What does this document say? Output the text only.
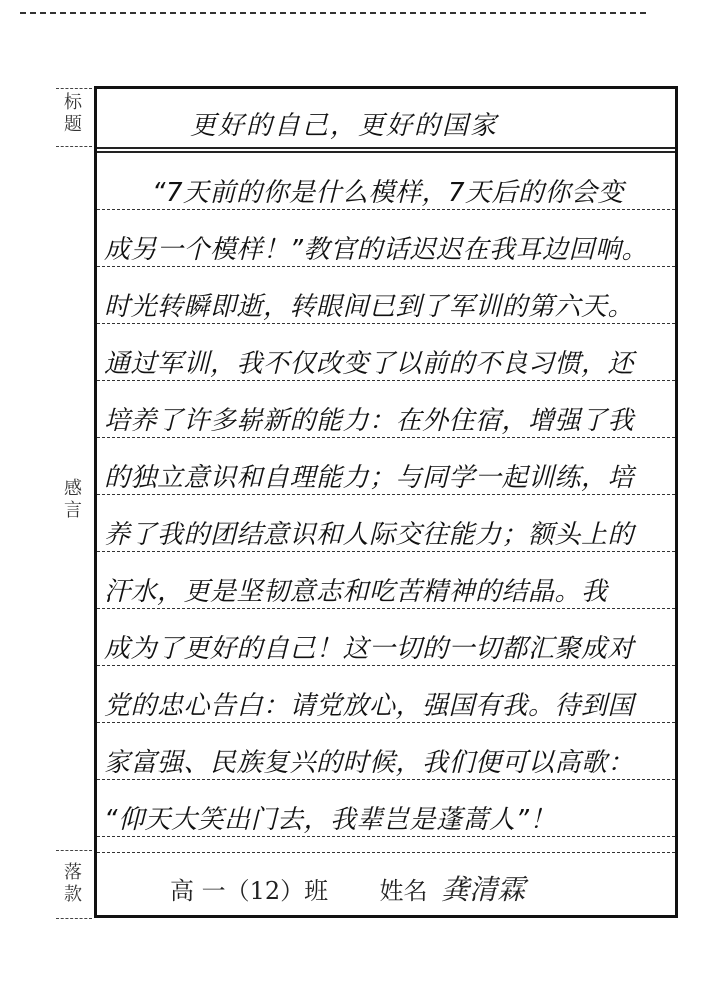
标
题
感
言
落
款
更好的自己，更好的国家
“7天前的你是什么模样，7天后的你会变
成另一个模样！”教官的话迟迟在我耳边回响。
时光转瞬即逝，转眼间已到了军训的第六天。
通过军训，我不仅改变了以前的不良习惯，还
培养了许多崭新的能力：在外住宿，增强了我
的独立意识和自理能力；与同学一起训练，培
养了我的团结意识和人际交往能力；额头上的
汗水，更是坚韧意志和吃苦精神的结晶。我
成为了更好的自己！这一切的一切都汇聚成对
党的忠心告白：请党放心，强国有我。待到国
家富强、民族复兴的时候，我们便可以高歌：
“仰天大笑出门去，我辈岂是蓬蒿人”！
高 一（12）班 姓名 龚清霖
